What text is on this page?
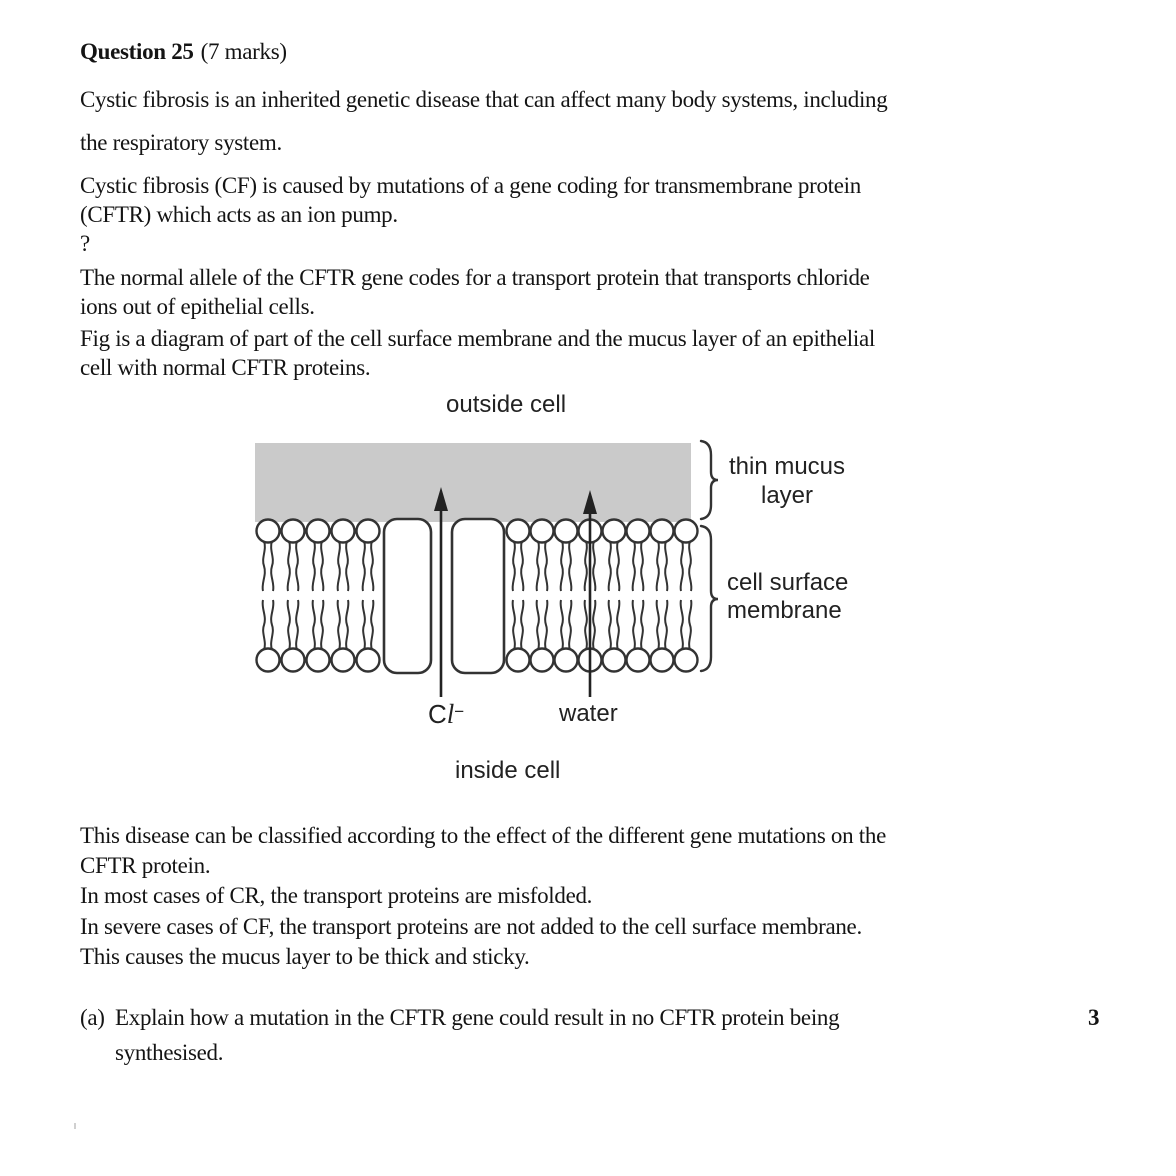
Question 25 (7 marks)
Cystic fibrosis is an inherited genetic disease that can affect many body systems, including
the respiratory system.
Cystic fibrosis (CF) is caused by mutations of a gene coding for transmembrane protein
(CFTR) which acts as an ion pump.
?
The normal allele of the CFTR gene codes for a transport protein that transports chloride
ions out of epithelial cells.
Fig is a diagram of part of the cell surface membrane and the mucus layer of an epithelial
cell with normal CFTR proteins.
outside cell
thin mucus
layer
cell surface
membrane
Cl−	water
inside cell
This disease can be classified according to the effect of the different gene mutations on the
CFTR protein.
In most cases of CR, the transport proteins are misfolded.
In severe cases of CF, the transport proteins are not added to the cell surface membrane.
This causes the mucus layer to be thick and sticky.
(a) Explain how a mutation in the CFTR gene could result in no CFTR protein being	3
synthesised.
